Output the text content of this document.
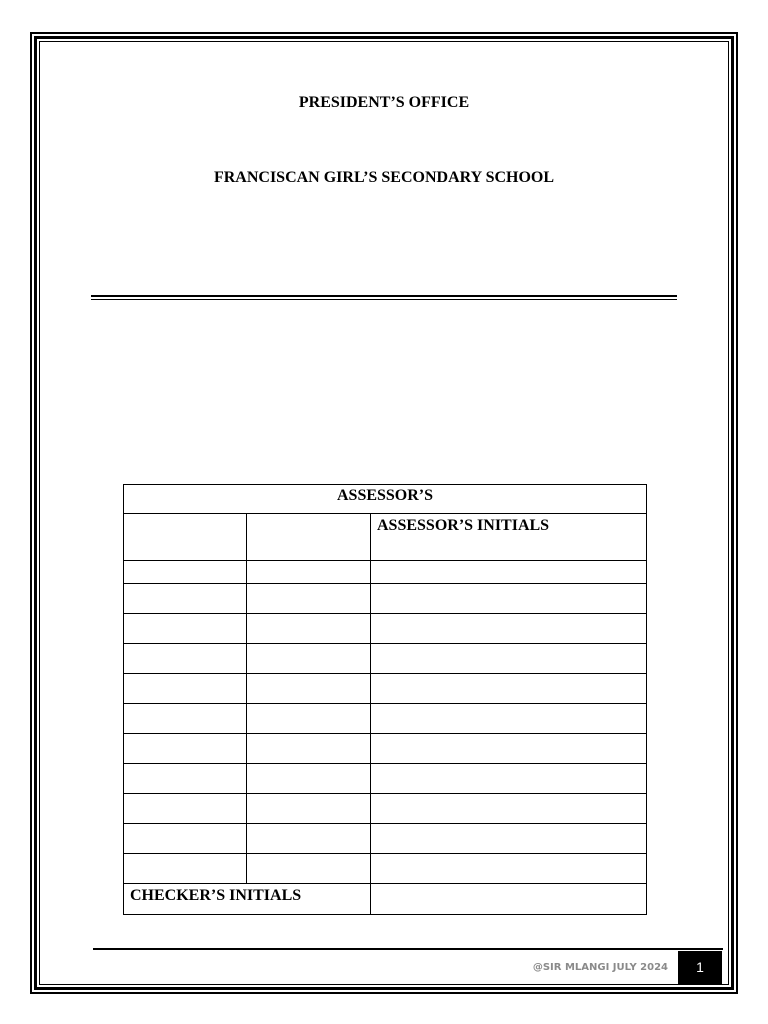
PRESIDENT’S OFFICE
FRANCISCAN GIRL’S SECONDARY SCHOOL
ASSESSOR’S		
		ASSESSOR’S INITIALS

CHECKER’S INITIALS		
@SIR MLANGI JULY 2024	1
